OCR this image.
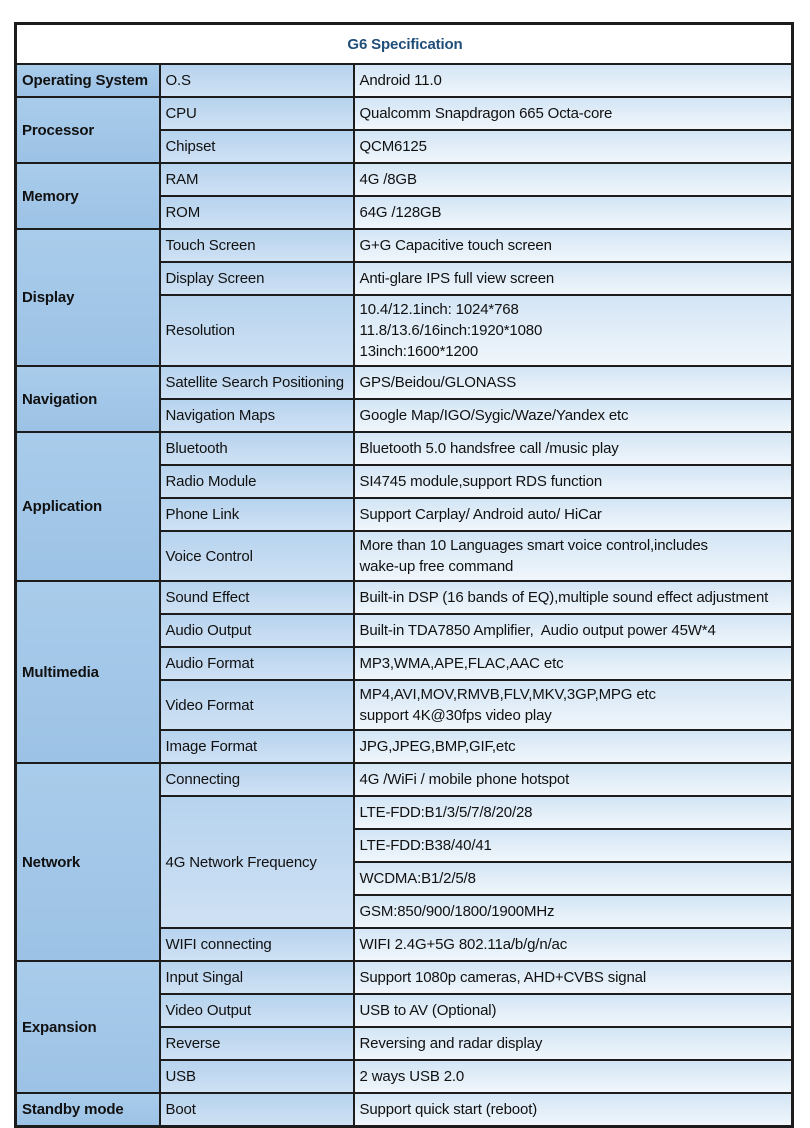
G6 Specification		
Operating System	O.S	Android 11.0
Processor	CPU	Qualcomm Snapdragon 665 Octa-core
	Chipset	QCM6125
Memory	RAM	4G /8GB
	ROM	64G /128GB
Display	Touch Screen	G+G Capacitive touch screen
	Display Screen	Anti-glare IPS full view screen
	Resolution	10.4/12.1inch: 1024*768
11.8/13.6/16inch:1920*1080
13inch:1600*1200

Navigation	Satellite Search Positioning	GPS/Beidou/GLONASS
	Navigation Maps	Google Map/IGO/Sygic/Waze/Yandex etc
Application	Bluetooth	Bluetooth 5.0 handsfree call /music play
	Radio Module	SI4745 module,support RDS function
	Phone Link	Support Carplay/ Android auto/ HiCar
	Voice Control	More than 10 Languages smart voice control,includes
wake-up free command

Multimedia	Sound Effect	Built-in DSP (16 bands of EQ),multiple sound effect adjustment
	Audio Output	Built-in TDA7850 Amplifier,  Audio output power 45W*4
	Audio Format	MP3,WMA,APE,FLAC,AAC etc
	Video Format	MP4,AVI,MOV,RMVB,FLV,MKV,3GP,MPG etc
support 4K@30fps video play

	Image Format	JPG,JPEG,BMP,GIF,etc
Network	Connecting	4G /WiFi / mobile phone hotspot
	4G Network Frequency	LTE-FDD:B1/3/5/7/8/20/28
		LTE-FDD:B38/40/41
		WCDMA:B1/2/5/8
		GSM:850/900/1800/1900MHz
	WIFI connecting	WIFI 2.4G+5G 802.11a/b/g/n/ac
Expansion	Input Singal	Support 1080p cameras, AHD+CVBS signal
	Video Output	USB to AV (Optional)
	Reverse	Reversing and radar display
	USB	2 ways USB 2.0
Standby mode	Boot	Support quick start (reboot)
